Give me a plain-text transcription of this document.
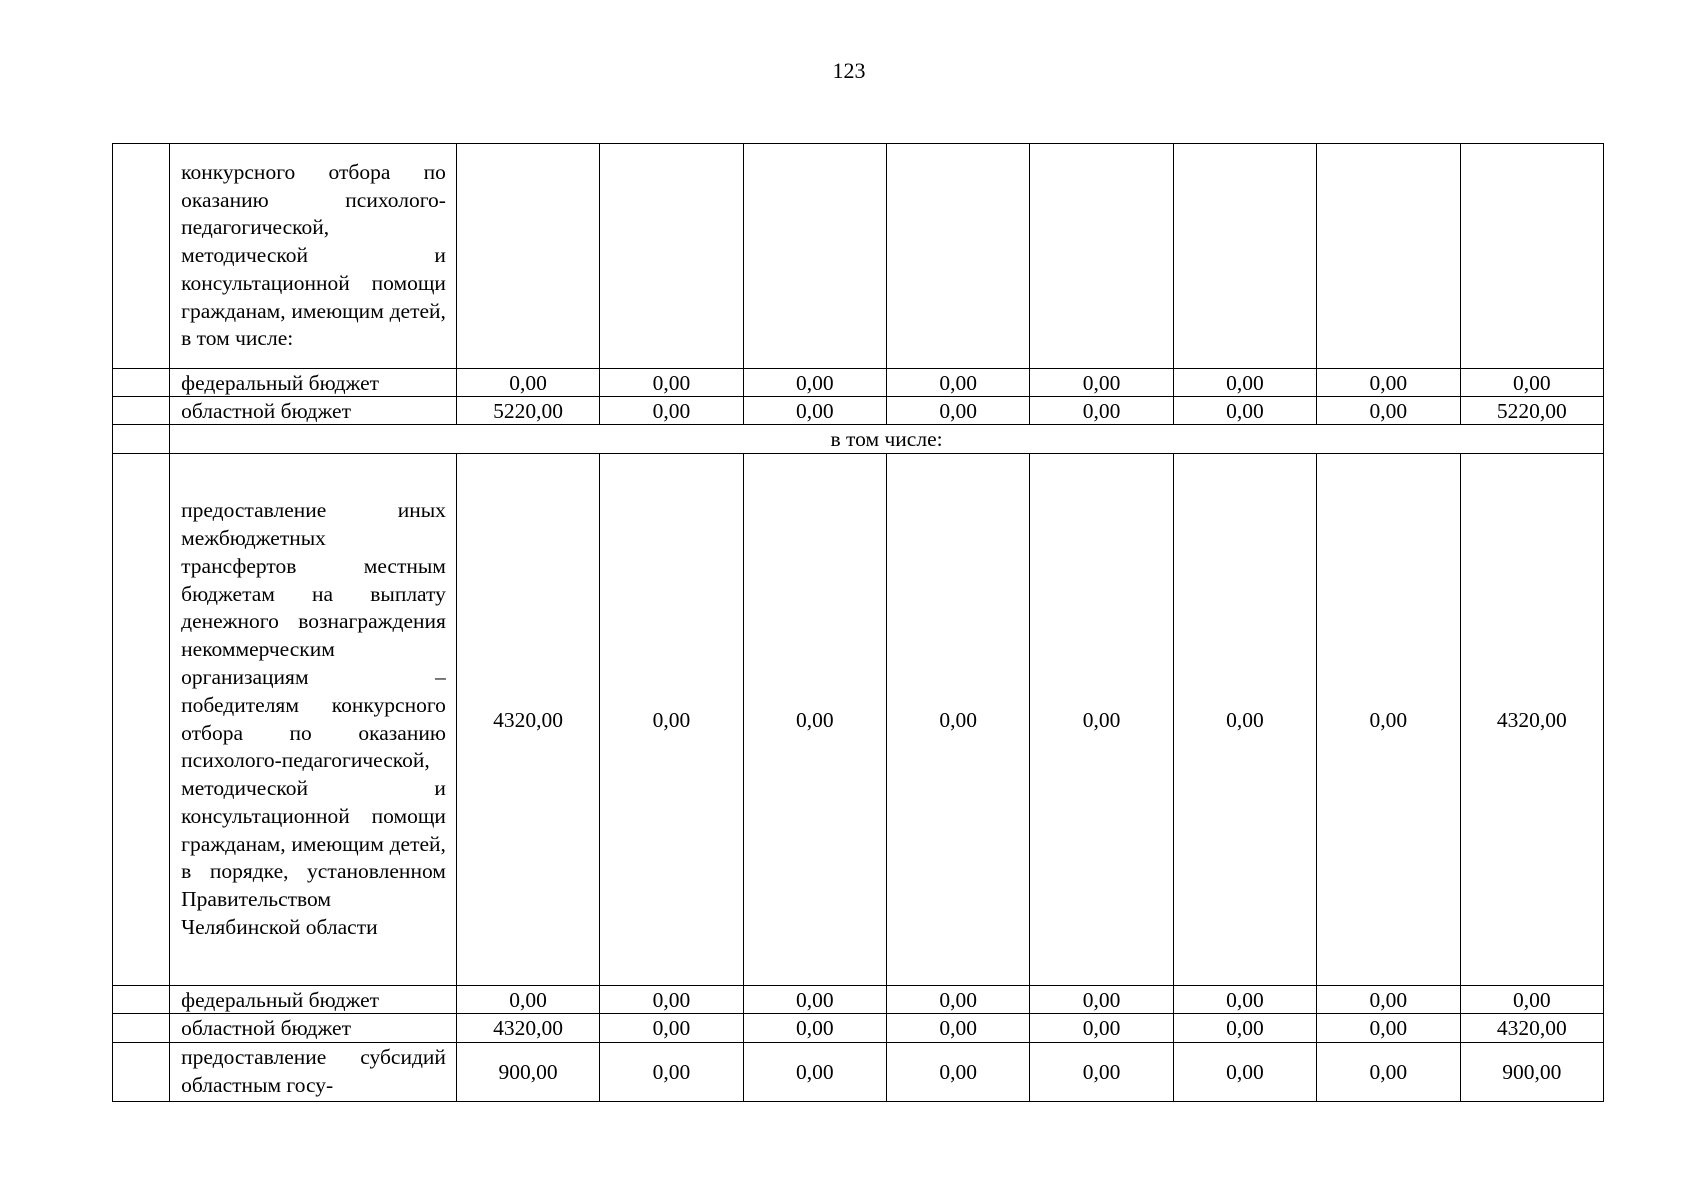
123
	конкурсного отбора по оказанию психолого-педагогической, методической и консультационной помощи гражданам, имеющим детей, в том числе:								
	федеральный бюджет	0,00	0,00	0,00	0,00	0,00	0,00	0,00	0,00
	областной бюджет	5220,00	0,00	0,00	0,00	0,00	0,00	0,00	5220,00
	в том числе:								
	предоставление иных межбюджетных трансфертов местным бюджетам на выплату денежного вознаграждения некоммерческим организациям – победителям конкурсного отбора по оказанию психолого-педагогической, методической и консультационной помощи гражданам, имеющим детей, в порядке, установленном Правительством Челябинской области	4320,00	0,00	0,00	0,00	0,00	0,00	0,00	4320,00
	федеральный бюджет	0,00	0,00	0,00	0,00	0,00	0,00	0,00	0,00
	областной бюджет	4320,00	0,00	0,00	0,00	0,00	0,00	0,00	4320,00
	предоставление субсидий областным госу-	900,00	0,00	0,00	0,00	0,00	0,00	0,00	900,00
